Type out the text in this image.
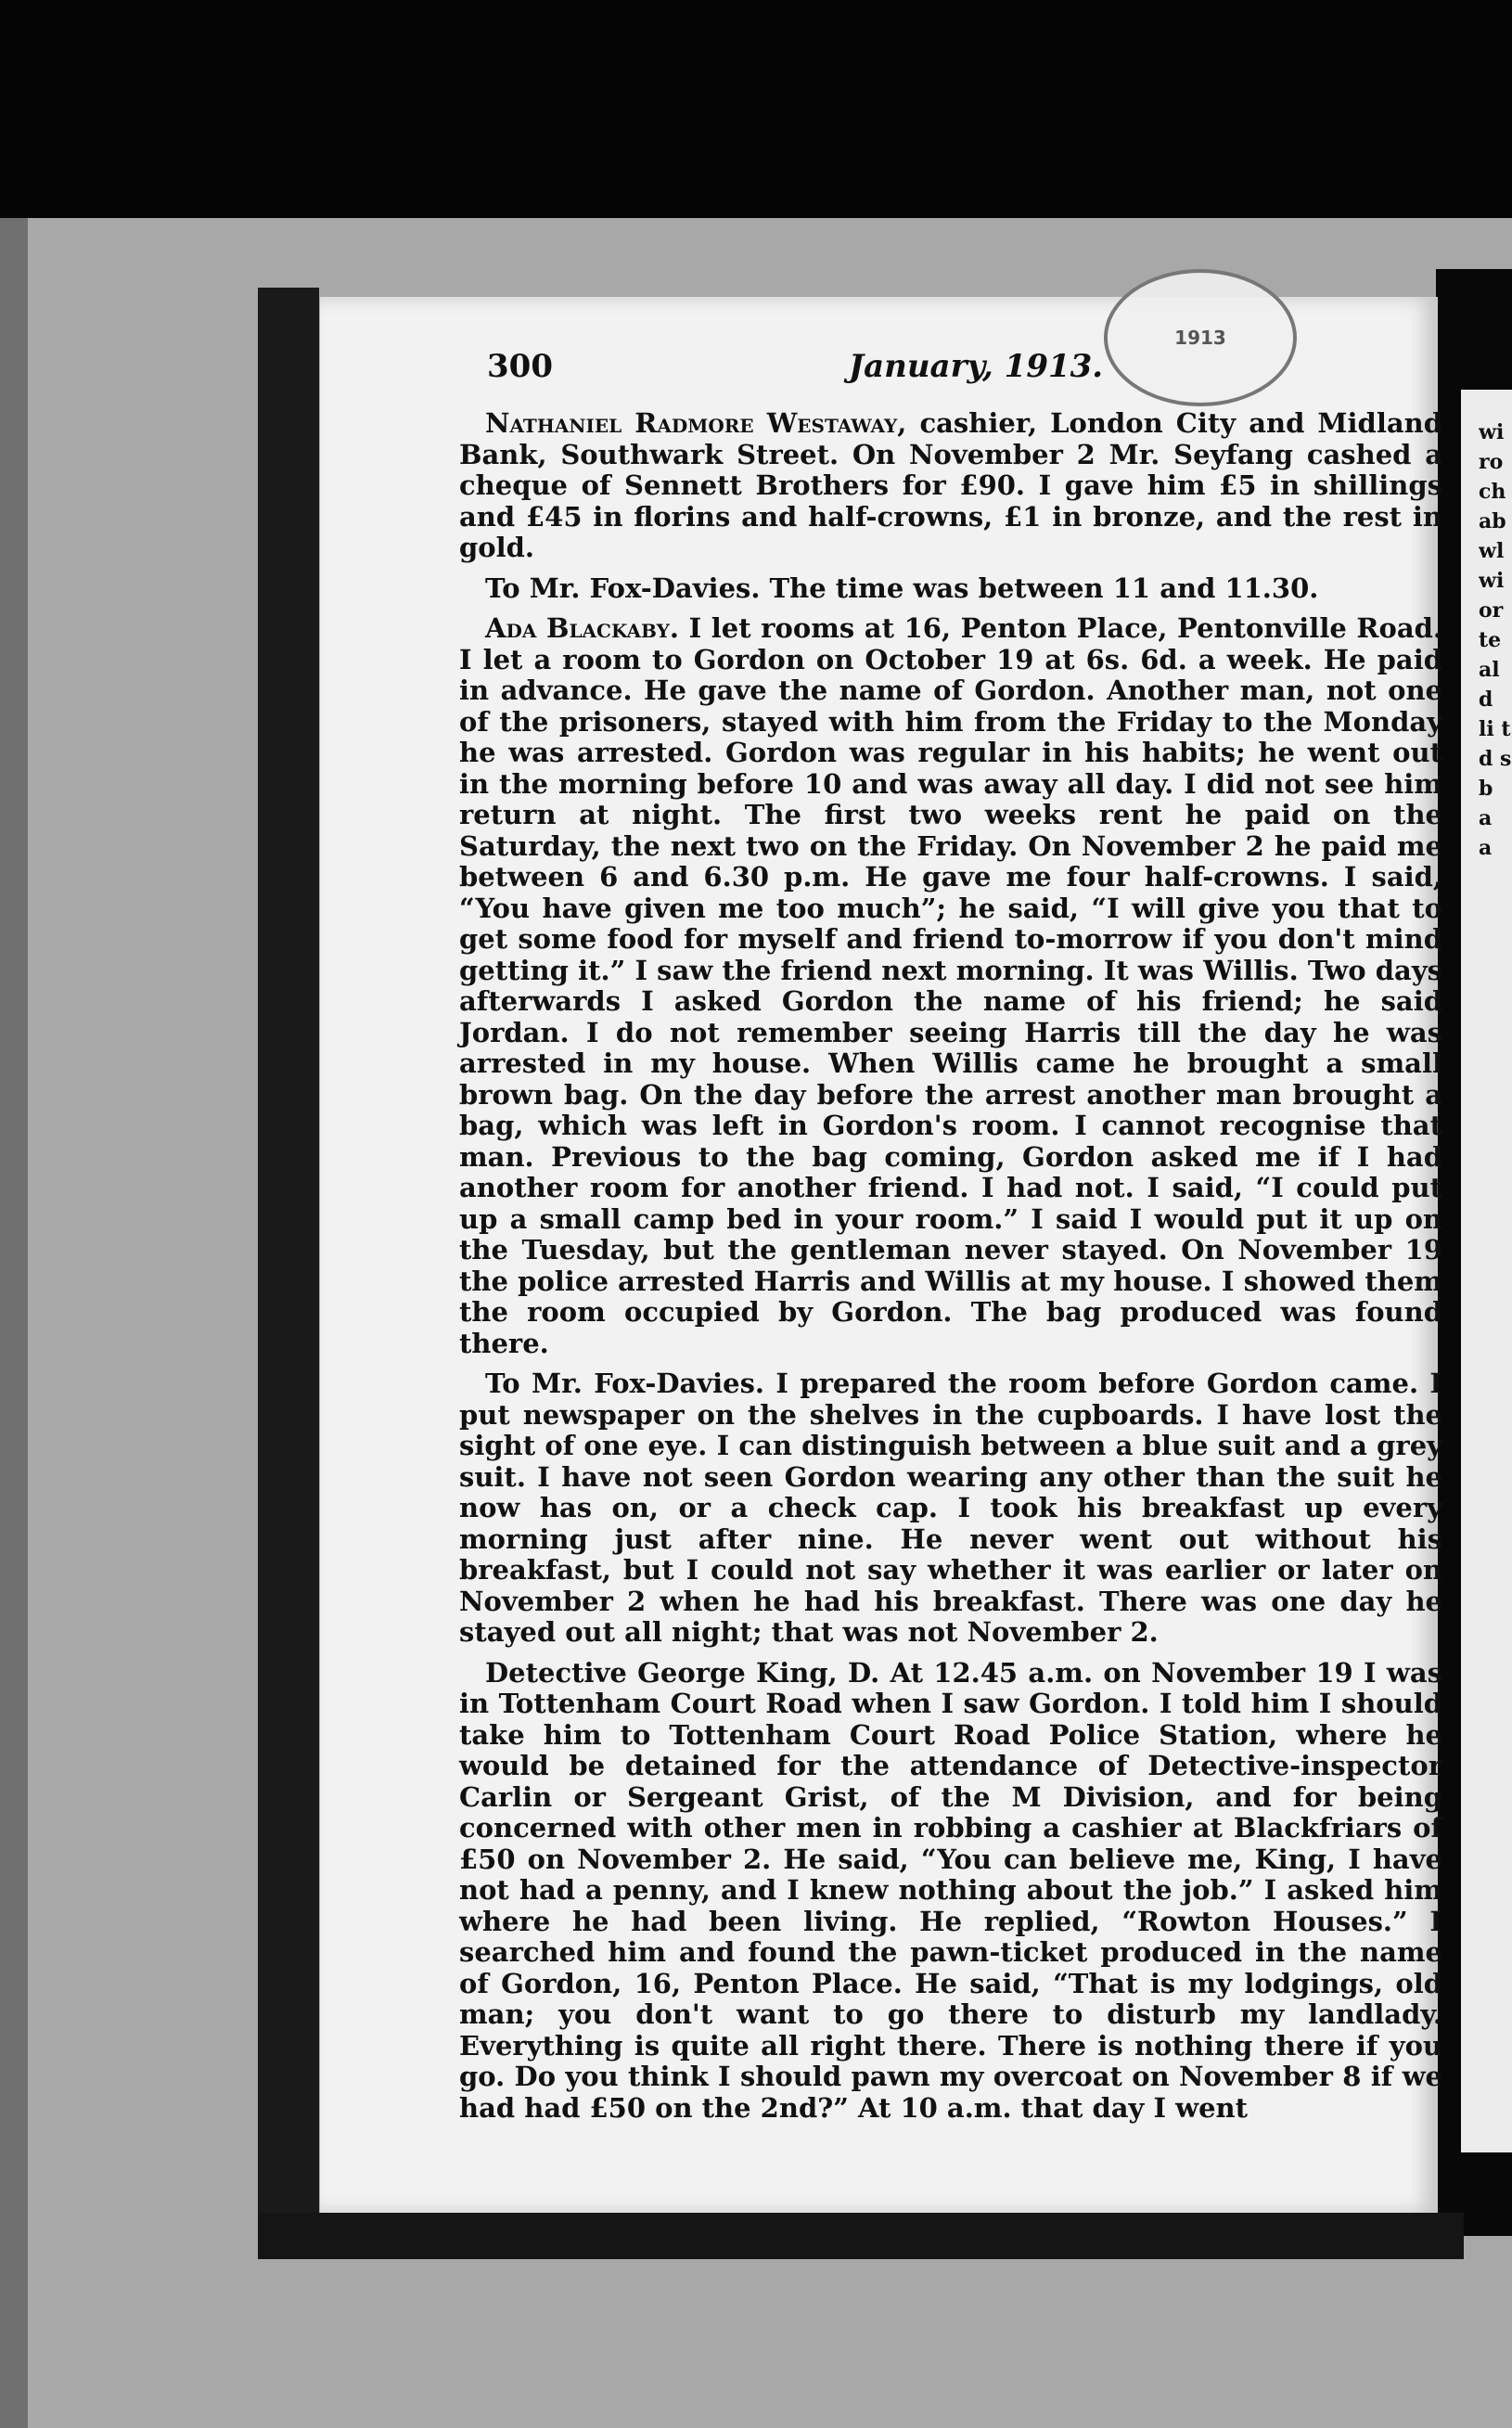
wi ro ch ab wl wi or te al d li t d s b a a
1913
300	January, 1913.

Nathaniel Radmore Westaway, cashier, London City and Midland Bank, Southwark Street. On November 2 Mr. Seyfang cashed a cheque of Sennett Brothers for £90. I gave him £5 in shillings and £45 in florins and half-crowns, £1 in bronze, and the rest in gold.

To Mr. Fox-Davies. The time was between 11 and 11.30.

Ada Blackaby. I let rooms at 16, Penton Place, Pentonville Road. I let a room to Gordon on October 19 at 6s. 6d. a week. He paid in advance. He gave the name of Gordon. Another man, not one of the prisoners, stayed with him from the Friday to the Monday he was arrested. Gordon was regular in his habits; he went out in the morning before 10 and was away all day. I did not see him return at night. The first two weeks rent he paid on the Saturday, the next two on the Friday. On November 2 he paid me between 6 and 6.30 p.m. He gave me four half-crowns. I said, “You have given me too much”; he said, “I will give you that to get some food for myself and friend to-morrow if you don't mind getting it.” I saw the friend next morning. It was Willis. Two days afterwards I asked Gordon the name of his friend; he said Jordan. I do not remember seeing Harris till the day he was arrested in my house. When Willis came he brought a small brown bag. On the day before the arrest another man brought a bag, which was left in Gordon's room. I cannot recognise that man. Previous to the bag coming, Gordon asked me if I had another room for another friend. I had not. I said, “I could put up a small camp bed in your room.” I said I would put it up on the Tuesday, but the gentleman never stayed. On November 19 the police arrested Harris and Willis at my house. I showed them the room occupied by Gordon. The bag produced was found there.

To Mr. Fox-Davies. I prepared the room before Gordon came. I put newspaper on the shelves in the cupboards. I have lost the sight of one eye. I can distinguish between a blue suit and a grey suit. I have not seen Gordon wearing any other than the suit he now has on, or a check cap. I took his breakfast up every morning just after nine. He never went out without his breakfast, but I could not say whether it was earlier or later on November 2 when he had his breakfast. There was one day he stayed out all night; that was not November 2.

Detective George King, D. At 12.45 a.m. on November 19 I was in Tottenham Court Road when I saw Gordon. I told him I should take him to Tottenham Court Road Police Station, where he would be detained for the attendance of Detective-inspector Carlin or Sergeant Grist, of the M Division, and for being concerned with other men in robbing a cashier at Blackfriars of £50 on November 2. He said, “You can believe me, King, I have not had a penny, and I knew nothing about the job.” I asked him where he had been living. He replied, “Rowton Houses.” I searched him and found the pawn-ticket produced in the name of Gordon, 16, Penton Place. He said, “That is my lodgings, old man; you don't want to go there to disturb my landlady. Everything is quite all right there. There is nothing there if you go. Do you think I should pawn my overcoat on November 8 if we had had £50 on the 2nd?” At 10 a.m. that day I went
